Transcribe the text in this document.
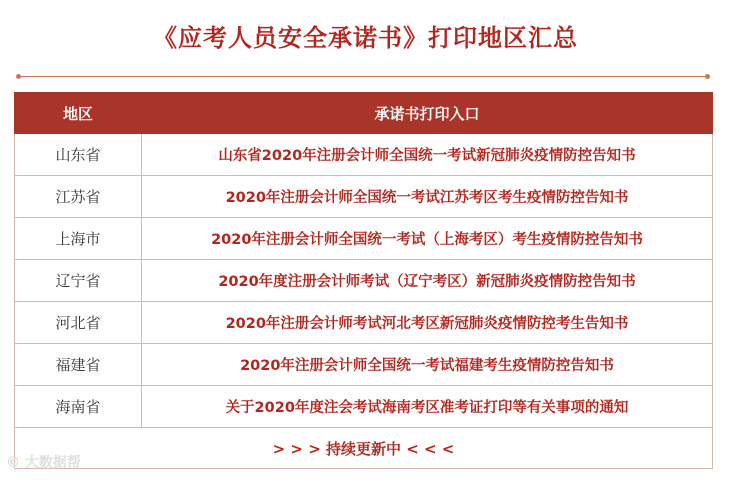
《应考人员安全承诺书》打印地区汇总
地区	承诺书打印入口
山东省	山东省2020年注册会计师全国统一考试新冠肺炎疫情防控告知书
江苏省	2020年注册会计师全国统一考试江苏考区考生疫情防控告知书
上海市	2020年注册会计师全国统一考试（上海考区）考生疫情防控告知书
辽宁省	2020年度注册会计师考试（辽宁考区）新冠肺炎疫情防控告知书
河北省	2020年注册会计师考试河北考区新冠肺炎疫情防控考生告知书
福建省	2020年注册会计师全国统一考试福建考生疫情防控告知书
海南省	关于2020年度注会考试海南考区准考证打印等有关事项的通知
> > > 持续更新中 < < <	
© 大数据帮
